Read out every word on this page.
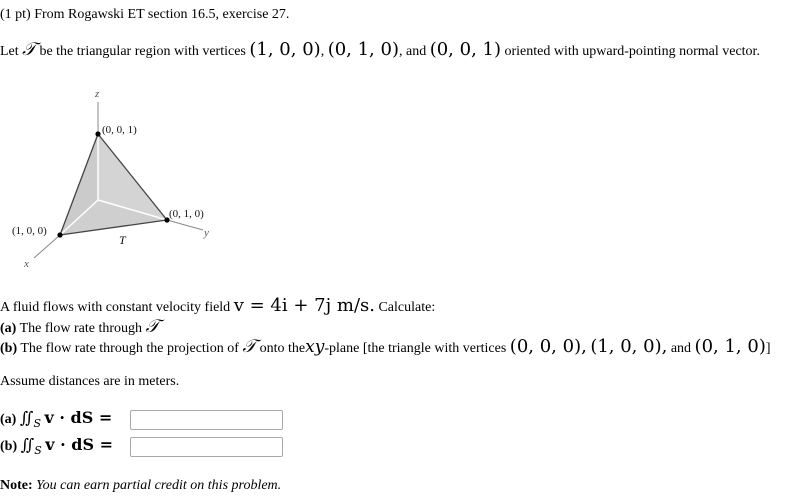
(1 pt) From Rogawski ET section 16.5, exercise 27.
Let 𝒯 be the triangular region with vertices (1, 0, 0), (0, 1, 0), and (0, 0, 1) oriented with upward-pointing normal vector.
z
y
x
(0, 0, 1)
(0, 1, 0)
(1, 0, 0)
T
A fluid flows with constant velocity field v = 4i + 7j m/s. Calculate:
(a) The flow rate through 𝒯
(b) The flow rate through the projection of 𝒯 onto thexy-plane [the triangle with vertices (0, 0, 0), (1, 0, 0), and (0, 1, 0)]
Assume distances are in meters.
(a) $∬_S$ v · dS =
(b) $∬_S$ v · dS =
Note: You can earn partial credit on this problem.
